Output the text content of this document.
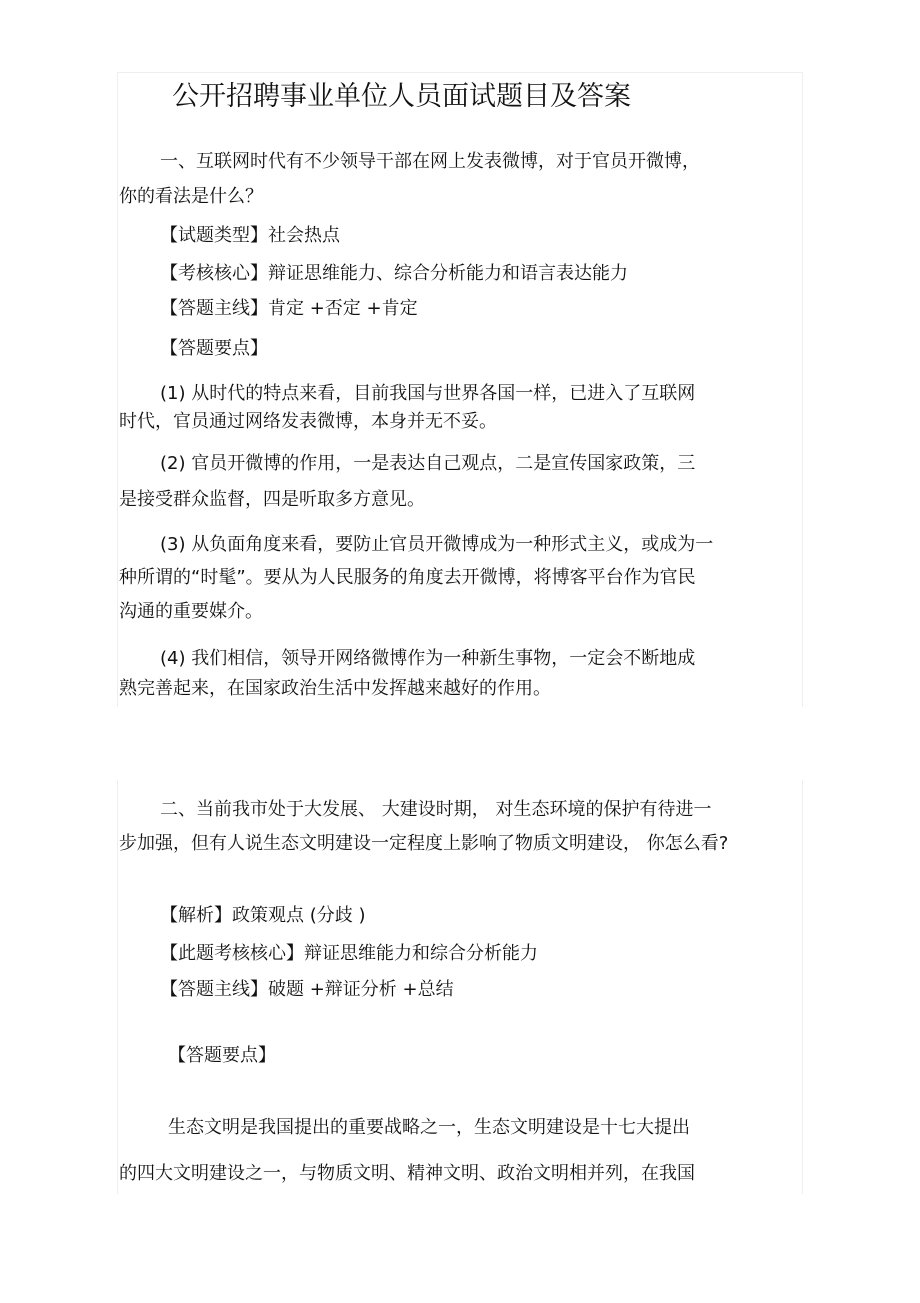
公开招聘事业单位人员面试题目及答案
一、互联网时代有不少领导干部在网上发表微博，对于官员开微博，
你的看法是什么？
【试题类型】社会热点
【考核核心】辩证思维能力、综合分析能力和语言表达能力
【答题主线】肯定 +否定 +肯定
【答题要点】
(1) 从时代的特点来看，目前我国与世界各国一样，已进入了互联网
时代，官员通过网络发表微博，本身并无不妥。
(2) 官员开微博的作用，一是表达自己观点，二是宣传国家政策，三
是接受群众监督，四是听取多方意见。
(3) 从负面角度来看，要防止官员开微博成为一种形式主义，或成为一
种所谓的“时髦”。要从为人民服务的角度去开微博，将博客平台作为官民
沟通的重要媒介。
(4) 我们相信，领导开网络微博作为一种新生事物，一定会不断地成
熟完善起来，在国家政治生活中发挥越来越好的作用。
二、当前我市处于大发展、 大建设时期， 对生态环境的保护有待进一
步加强，但有人说生态文明建设一定程度上影响了物质文明建设， 你怎么看?
【解析】政策观点 (分歧 )
【此题考核核心】辩证思维能力和综合分析能力
【答题主线】破题 +辩证分析 +总结
【答题要点】
生态文明是我国提出的重要战略之一，生态文明建设是十七大提出
的四大文明建设之一，与物质文明、精神文明、政治文明相并列，在我国
